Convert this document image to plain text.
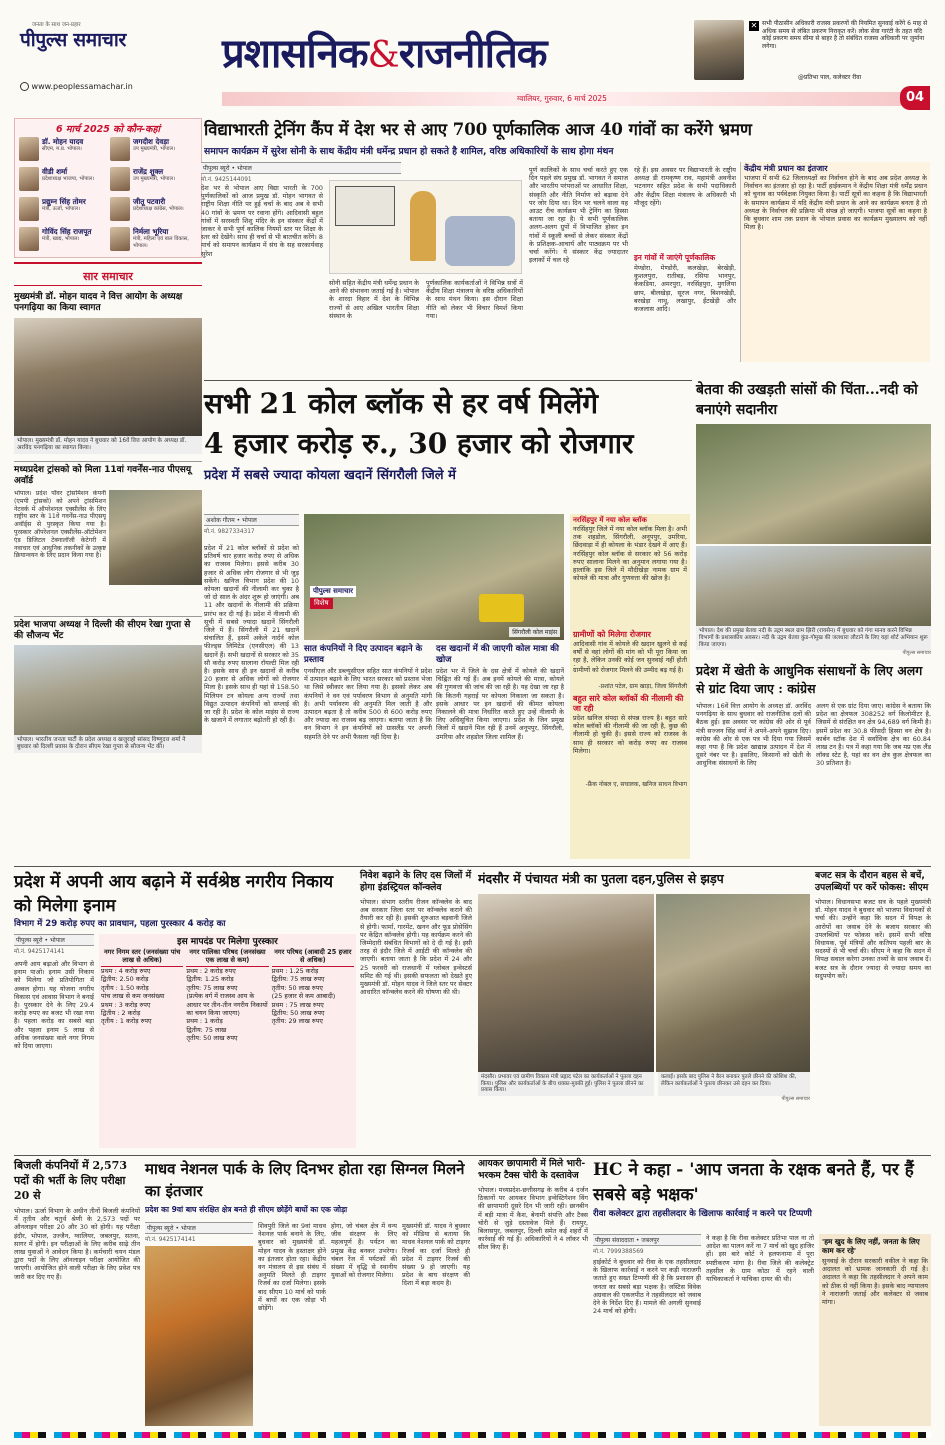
जनता के साथ जन-प्रहार
पीपुल्स समाचार	प्रशासनिक&राजनीतिक
www.peoplessamachar.in
ग्वालियर, गुरुवार, 6 मार्च 2025	04
✕ सभी पीठासीन अधिकारी राजस्व प्रकरणों की नियमित सुनवाई करेंगे 6 माह से अधिक समय से लंबित प्रकरण निराकृत करें। लोक सेवा गारंटी के तहत यदि कोई प्रकरण समय सीमा से बाहर है तो संबंधित राजस्व अधिकारी पर जुर्माना लगेगा।
@प्रतिभा पाल, कलेक्टर रीवा
6 मार्च 2025 को कौन-कहां
डॉ. मोहन यादव
सीएम, म.प्र. भोपाल।
जगदीश देवड़ा
उप मुख्यमंत्री, भोपाल।
वीडी शर्मा
प्रदेशाध्यक्ष भाजपा, भोपाल।
राजेंद्र शुक्ल
उप मुख्यमंत्री, भोपाल।
प्रद्युम्न सिंह तोमर
मंत्री, ऊर्जा, भोपाल।
जीतू पटवारी
प्रदेशाध्यक्ष कांग्रेस, भोपाल।
गोविंद सिंह राजपूत
मंत्री, खाद्य, भोपाल।
निर्मला भूरिया
मंत्री, महिला एवं बाल विकास, भोपाल।
सार समाचार
मुख्यमंत्री डॉ. मोहन यादव ने वित्त आयोग के अध्यक्ष पनगढ़िया का किया स्वागत
भोपाल। मुख्यमंत्री डॉ. मोहन यादव ने बुधवार को 16वें वित्त आयोग के अध्यक्ष डॉ. अरविंद पनगढ़िया का स्वागत किया।
मध्यप्रदेश ट्रांसको को मिला 11वां गवर्नेंस-नाउ पीएसयू अवॉर्ड
भोपाल। प्रदेश पॉवर ट्रांसमिशन कंपनी (एमपी ट्रांसको) को अपने ट्रांसमिशन नेटवर्क में ऑपरेशनल एक्सीलेंस के लिए राष्ट्रीय स्तर के 11वें गवर्नेंस-नाउ पीएसयू अवॉर्ड्स से पुरस्कृत किया गया है। पुरस्कार ऑपरेशनल एक्सीलेंस-ऑटोमेशन एंड डिजिटल टेक्नालॉजी केटेगरी में नवाचार एवं आधुनिक तकनीकों के उत्कृष्ट क्रियान्वयन के लिए प्रदान किया गया है।
प्रदेश भाजपा अध्यक्ष ने दिल्ली की सीएम रेखा गुप्ता से की सौजन्य भेंट
भोपाल। भारतीय जनता पार्टी के प्रदेश अध्यक्ष व खजुराहो सांसद विष्णुदत्त शर्मा ने बुधवार को दिल्ली प्रवास के दौरान सीएम रेखा गुप्ता से सौजन्य भेंट की।
विद्याभारती ट्रेनिंग कैंप में देश भर से आए 700 पूर्णकालिक आज 40 गांवों का करेंगे भ्रमण
समापन कार्यक्रम में सुरेश सोनी के साथ केंद्रीय मंत्री धर्मेन्द्र प्रधान हो सकते है शामिल, वरिष्ठ अधिकारियों के साथ होगा मंथन
पीपुल्स ब्यूरो • भोपाल
मो.नं. 9425144091
देश भर से भोपाल आए विद्या भारती के 700 पूर्णकालिकों को आज प्रमुख डॉ. मोहन भागवत से राष्ट्रीय शिक्षा नीति पर हुई चर्चा के बाद अब वे सभी 40 गांवों के भ्रमण पर रवाना होंगे। आदिवासी बहुल गांवों में सरस्वती शिशु मंदिर के इन संस्कार केंद्रों में जाकर वे सभी पूर्ण कालिक नियमों स्तर पर शिक्षा के स्तर को देखेंगे। साथ ही चर्चा से भी बातचीत करेंगे। 8 मार्च को समापन कार्यक्रम में संघ के सह सरकार्यवाह सुरेश
सोनी सहित केंद्रीय मंत्री धर्मेन्द्र प्रधान के आने की संभावना जताई गई है। भोपाल के शारदा विहार में देश के विभिन्न राज्यों से आए अखिल भारतीय शिक्षा संस्थान के
पूर्णकालिक कार्यकर्ताओं ने विभिन्न सत्रों में केंद्रीय शिक्षा मंत्रालय के वरिष्ठ अधिकारियों के साथ मंथन किया। इस दौरान शिक्षा नीति को लेकर भी विचार विमर्श किया गया।
पूर्ण कालिकों के साथ चर्चा करते हुए एक दिन पहले संघ प्रमुख डॉ. भागवत ने समाज और भारतीय परंपराओं पर आधारित शिक्षा, संस्कृति और नीति निर्माण को बढ़ावा देने पर जोर दिया था। दिन भर चलने वाला यह आउट रीच कार्यक्रम भी ट्रेनिंग का हिस्सा बताया जा रहा है। ये सभी पूर्णकालिक अलग-अलग ग्रुपों में विभाजित होकर इन गांवों में स्कूली बच्चों से लेकर संस्कार केंद्रों के प्रशिक्षक-आचार्य और पाठ्यक्रम पर भी चर्चा करेंगे। ये संस्कार केंद्र ज्यादातर इलाकों में चल रहे
रहे हैं। इस अवसर पर विद्याभारती के राष्ट्रीय अध्यक्ष डी रामकृष्ण राव, महामंत्री अवनीश भटनागर सहित प्रदेश के सभी पदाधिकारी और केंद्रीय शिक्षा मंत्रालय के अधिकारी भी मौजूद रहेंगे।
इन गांवों में जाएंगे पूर्णकालिक
मेण्डोरा, मेण्डोरी, कलखेड़ा, बेरखेड़ी, कुशलपुरा, रातीबड़, रसिया भानपुर, केकडिया, अमरपुरा, नरसिंहपुरा, मुगलिया छाप, बीलखेड़ा, सूरज नगर, बिशनखेड़ी, बरखेड़ा नाथू, लखापुर, ईंटखेड़ी और कजलास आदि।
केंद्रीय मंत्री प्रधान का इंतजार
भाजपा में सभी 62 जिलाध्यक्षों का निर्वाचन होने के बाद अब प्रदेश अध्यक्ष के निर्वाचन का इंतजार हो रहा है। पार्टी हाईकमान ने केंद्रीय शिक्षा मंत्री धर्मेंद्र प्रधान को चुनाव का पर्यवेक्षक नियुक्त किया है। पार्टी सूत्रों का कहना है कि विद्याभारती के समापन कार्यक्रम में यदि केंद्रीय मंत्री प्रधान के आने का कार्यक्रम बनता है तो अध्यक्ष के निर्वाचन की प्रक्रिया भी संपन्न हो जाएगी। भाजपा सूत्रों का कहना है कि बुधवार शाम तक प्रधान के भोपाल प्रवास का कार्यक्रम मुख्यालय को नहीं मिला है।
सभी 21 कोल ब्लॉक से हर वर्ष मिलेंगे
4 हजार करोड़ रु., 30 हजार को रोजगार
प्रदेश में सबसे ज्यादा कोयला खदानें सिंगरौली जिले में
अशोक गौतम • भोपाल
मो.नं. 9827334317
प्रदेश में 21 कोल ब्लॉकों से प्रदेश को प्रतिवर्ष चार हजार करोड़ रुपए से अधिक का राजस्व मिलेगा। इससे करीब 30 हजार से अधिक लोग रोजगार से भी जुड़ सकेंगे। खनिज विभाग प्रदेश की 10 कोयला खदानों की नीलामी कर चुका है जो दो साल के अंदर शुरू हो जाएंगी। अब 11 और खदानों के नीलामी की प्रक्रिया प्रारंभ कर दी गई है। प्रदेश में नीलामी की सूची में सबसे ज्यादा खदानें सिंगरौली जिले में हैं। सिंगरौली में 21 खदानें संचालित हैं, इसमें अकेले नार्दर्न कोल फील्ड्स लिमिटेड (एनसीएल) की 13 खदानें हैं। सभी खदानों से सरकार को 35 सौ करोड़ रुपए सालाना रॉयल्टी मिल रही है। इसके साथ ही इन खदानों से करीब 20 हजार से अधिक लोगों को रोजगार मिला है। इसके साथ ही यहां से 158.50 मिलियन टन कोयला अन्य राज्यों तथा विद्युत उत्पादन कंपनियों को सप्लाई की जा रही है। प्रदेश के कोल माइंस से राज्य के खजाने में लगातार बढ़ोतरी हो रही है।
पीपुल्स समाचार
विशेष
सिंगरौली कोल माइंस
सात कंपनियों ने दिए उत्पादन बढ़ाने के प्रस्ताव
एनसीएल और डब्ल्यूसीएल सहित सात कंपनियों ने प्रदेश में उत्पादन बढ़ाने के लिए भारत सरकार को प्रस्ताव भेजा था जिसे स्वीकार कर लिया गया है। इसको लेकर अब कंपनियों ने वन एवं पर्यावरण विभाग से अनुमति मांगी है। अभी पर्यावरण की अनुमति मिल जाती है और उत्पादन बढ़ता है तो करीब 500 से 600 करोड़ रुपए और ज्यादा का राजस्व बढ़ जाएगा। बताया जाता है कि वन विभाग ने इन कंपनियों को ग्रासलैंड पर अपनी सहमति देने पर अभी फैसला नहीं दिया है।
दस खदानों में की जाएगी कोल मात्रा की खोज
प्रदेश भर में जिले के दस क्षेत्रों में कोयले की खदानें चिह्नित की गई हैं। अब इनमें कोयले की मात्रा, कोयले की गुणवत्ता की जांच की जा रही है। यह देखा जा रहा है कि कितनी गहराई पर कोयला निकाला जा सकता है। इसके आधार पर इन खदानों की कीमत कोयला निकालने की मात्रा निर्धारित करते हुए उन्हें नीलामी के लिए अधिसूचित किया जाएगा। प्रदेश के जिन प्रमुख जिलों में खदानें मिल रही हैं उनमें अनूपपुर, सिंगरौली, उमरिया और शहडोल जिला शामिल हैं।
नरसिंहपुर में नया कोल ब्लॉक
नरसिंहपुर जिले में नया कोल ब्लॉक मिला है। अभी तक शहडोल, सिंगरौली, अनूपपुर, उमरिया, छिंदवाड़ा में ही कोयला के भंडार देखने में आए हैं। नरसिंहपुर कोल ब्लॉक से सरकार को 56 करोड़ रुपए सालाना मिलने का अनुमान लगाया गया है। हालांकि इस जिले में मौदीखेड़ा नामक ग्राम में कोयले की मात्रा और गुणवत्ता की खोज है।
ग्रामीणों को मिलेगा रोजगार
आदिवासी गांव में कोयले की खदान खुलने से कई वर्षों से वहां लोगों की मांग को भी पूरा किया जा रहा है, लेकिन उनकी कोई जन सुनवाई नहीं होती
ग्रामीणों को रोजगार मिलने की उम्मीद बढ़ गई है।
-प्रशांत पटेल, ग्राम खाड़ा, जिला सिंगरौली
बहुत सारे कोल ब्लॉकों की नीलामी की जा रही
प्रदेश खनिज संपदा से संपन्न राज्य है। बहुत सारे कोल ब्लॉकों की नीलामी की जा रही है, कुछ की नीलामी हो चुकी है। इससे राज्य को राजस्व के साथ ही सरकार को करोड़ रुपए का राजस्व मिलेगा।
-फ्रैंक नोबल ए, सचालक, खनिज साधन विभाग
बेतवा की उखड़ती सांसों की चिंता...नदी को बनाएंगे सदानीरा
भोपाल। देश की प्रमुख बेतवा नदी के उद्गम स्थल ग्राम झिरी (रायसेन) में बुधवार को गंगा मानव करने विभिन्न विभागों के प्रशासकीय अवसर। नदी के उद्गम बेतवा कुंड-गोमुख की जलधारा लौटाने के लिए यहां शोर्ट अभियान शुरू किया जाएगा।
पीपुल्स समाचार
प्रदेश में खेती के आधुनिक संसाधनों के लिए अलग से ग्रांट दिया जाए : कांग्रेस
भोपाल। 16वें वित्त आयोग के अध्यक्ष डॉ. अरविंद पनगढ़िया के साथ बुधवार को राजनीतिक दलों की बैठक हुई। इस अवसर पर कांग्रेस की ओर से पूर्व मंत्री सज्जन सिंह वर्मा ने अपने-अपने सुझाव दिए। कांग्रेस की ओर से एक पत्र भी दिया गया जिसमें कहा गया है कि प्रदेश खाद्यान्न उत्पादन में देश में दूसरे नंबर पर है। इसलिए, किसानों को खेती के आधुनिक संसाधनों के लिए
अलग से एक ग्रांट दिया जाए। कांग्रेस ने बताया कि प्रदेश का क्षेत्रफल 308252 वर्ग किलोमीटर है, जिसमें से संरक्षित वन क्षेत्र 94,689 वर्ग किमी है। इसमें प्रदेश का 30.8 फीसदी हिस्सा वन क्षेत्र है। कार्बन स्टॉक देश में सर्वाधिक क्षेत्र का 60.84 लाख टन है। पत्र में कहा गया कि जब मप्र एक लैंड लॉक्ड स्टेट है, यहां का वन क्षेत्र कुल क्षेत्रफल का 30 प्रतिशत है।
प्रदेश में अपनी आय बढ़ाने में सर्वश्रेष्ठ नगरीय निकाय को मिलेगा इनाम
विभाग में 29 करोड़ रुपए का प्रावधान, पहला पुरस्कार 4 करोड़ का
पीपुल्स ब्यूरो • भोपाल
मो.नं. 9425174141
अपनी आय बढ़ाओ और विभाग से इनाम पाओ। इनाम उसी निकाय को मिलेगा जो प्रतियोगिता में अव्वल होगा। यह योजना नगरीय विकास एवं आवास विभाग ने बनाई है। पुरस्कार देने के लिए 29.4 करोड़ रुपए का बजट भी रखा गया है। पहला करोड़ का सबसे बड़ा और पहला इनाम 5 लाख से अधिक जनसंख्या वाले नगर निगम को दिया जाएगा।
इस मापदंड पर मिलेगा पुरस्कार
नगर निगम स्तर (जनसंख्या पांच लाख से अधिक)
नगर पालिका परिषद (जनसंख्या एक लाख से कम)
नगर परिषद (आबादी 25 हजार से अधिक)
प्रथम : 4 करोड़ रुपए
द्वितीय: 2.50 करोड़
तृतीय : 1.50 करोड़
पांच लाख से कम जनसंख्या
प्रथम : 3 करोड़ रुपए
द्वितीय : 2 करोड़
तृतीय : 1 करोड़ रुपए
प्रथम : 2 करोड़ रुपए
द्वितीय: 1.25 करोड़
तृतीय: 75 लाख रुपए
(प्रत्येक वर्ग में राजस्व आय के आधार पर तीन-तीन नगरीय निकायों का चयन किया जाएगा)
प्रथम : 1 करोड़
द्वितीय: 75 लाख
तृतीय: 50 लाख रुपए
प्रथम : 1.25 करोड़
द्वितीय: 75 लाख रुपए
तृतीय: 50 लाख रुपए
(25 हजार से कम आबादी)
प्रथम : 75 लाख रुपए
द्वितीय: 50 लाख रुपए
तृतीय: 29 लाख रुपए
निवेश बढ़ाने के लिए दस जिलों में होगा इंडस्ट्रियल कॉन्क्लेव
भोपाल। संभाग स्तरीय रीजन कॉन्क्लेव के बाद अब सरकार जिला स्तर पर कॉन्क्लेव कराने की तैयारी कर रही है। इसकी शुरुआत बड़वानी जिले से होगी। फार्मा, गारमेंट, खनन और फूड प्रोसेसिंग पर केंद्रित कॉन्क्लेव होगी। यह कार्यक्रम करने की जिम्मेदारी संबंधित विभागों को दे दी गई है। इसी तरह से इंदौर जिले में आईटी की कॉन्क्लेव की जाएगी। बताया जाता है कि प्रदेश में 24 और 25 फरवरी को राजधानी में ग्लोबल इन्वेस्टर्स समिट की गई थी। इसकी सफलता को देखते हुए मुख्यमंत्री डॉ. मोहन यादव ने जिले स्तर पर सेक्टर आधारित कॉन्क्लेव करने की घोषणा की थी।
मंदसौर में पंचायत मंत्री का पुतला दहन,पुलिस से झड़प
मंदसौर। प्रभावर एवं ग्रामीण विकास मंत्री प्रह्लाद पटेल का कार्यकर्ताओं ने पुतला दहन किया। पुलिस और कार्यकर्ताओं के बीच धक्का-मुक्की हुई। पुलिस ने पुतला छीनने का प्रयास किया।
कलाई। इसके बाद पुलिस ने बैरन बनाकर पुतले छीनने की कोशिश की, लेकिन कार्यकर्ताओं ने पुतला छीनकर उसे दहन कर दिया।
पीपुल्स समाचार
बजट सत्र के दौरान बहस से बचें, उपलब्धियों पर करें फोकस: सीएम
भोपाल। विधानसभा बजट सत्र के पहले मुख्यमंत्री डॉ. मोहन यादव ने बुधवार को भाजपा विधायकों से चर्चा की। उन्होंने कहा कि सदन में विपक्ष के आरोपों का जवाब देने के बजाय सरकार की उपलब्धियों पर फोकस करें। इसमें सभी वरिष्ठ विधायक, पूर्व मंत्रियों और कतिपय पहली बार के सदस्यों से भी चर्चा की। सीएम ने कहा कि सदन में विपक्ष सवाल करेगा उनका तथ्यों के साथ जवाब दें। बजट सत्र के दौरान ज्यादा से ज्यादा समय का सदुपयोग करें।
बिजली कंपनियों में 2,573 पदों की भर्ती के लिए परीक्षा 20 से
भोपाल। ऊर्जा विभाग के अधीन तीनों बिजली कंपनियों में तृतीय और चतुर्थ श्रेणी के 2,573 पदों पर ऑनलाइन परीक्षा 20 और 30 को होगी। यह परीक्षा इंदौर, भोपाल, उज्जैन, ग्वालियर, जबलपुर, सतना, सागर में होगी। इन परीक्षाओं के लिए करीब साढ़े तीन लाख युवाओं ने आवेदन किया है। कर्मचारी चयन मंडल द्वारा पदों के लिए ऑनलाइन परीक्षा आयोजित की जाएगी। आयोजित होने वाली परीक्षा के लिए प्रवेश पत्र जारी कर दिए गए हैं।
माधव नेशनल पार्क के लिए दिनभर होता रहा सिग्नल मिलने का इंतजार
प्रदेश का 9वां बाघ संरक्षित क्षेत्र बनते ही सीएम छोड़ेंगे बाघों का एक जोड़ा
पीपुल्स ब्यूरो • भोपाल
मो.नं. 9425174141
शिवपुरी जिले का 9वां माधव नेशनल पार्क बनाने के लिए, बुधवार को मुख्यमंत्री डॉ. मोहन यादव के हस्ताक्षर होने का इंतजार होता रहा। केंद्रीय वन मंत्रालय से इस संबंध में अनुमति मिलते ही टाइगर रिजर्व का दर्जा मिलेगा। इसके बाद सीएम 10 मार्च को पार्क में बाघों का एक जोड़ा भी छोड़ेंगे।
होगा, जो चंबल क्षेत्र में वन्य जीव संरक्षण के लिए महत्वपूर्ण है। पर्यटन का प्रमुख केंद्र बनकर उभरेगा। चंबल रेंज में पर्यटकों की संख्या में वृद्धि से स्थानीय युवाओं को रोजगार मिलेगा।
मुख्यमंत्री डॉ. यादव ने बुधवार को मीडिया से बताया कि माधव नेशनल पार्क को टाइगर रिजर्व का दर्जा मिलते ही प्रदेश में टाइगर रिजर्व की संख्या 9 हो जाएगी। यह प्रदेश के बाघ संरक्षण की दिशा में बड़ा कदम है।
आयकर छापामारी में मिले भारी-भरकम टैक्स चोरी के दस्तावेज
भोपाल। मध्यप्रदेश-छत्तीसगढ़ के करीब 4 दर्जन ठिकानों पर आयकर विभाग इन्वेस्टिगेशन विंग की छापामारी दूसरे दिन भी जारी रही। छानबीन में बड़ी मात्रा में कैश, बेनामी संपत्ति और टैक्स चोरी से जुड़े दस्तावेज मिले हैं। रायपुर, बिलासपुर, जबलपुर, दिल्ली समेत कई शहरों में कार्रवाई की गई है। अधिकारियों ने 4 लॉकर भी सील किए हैं।
HC ने कहा - 'आप जनता के रक्षक बनते हैं, पर हैं सबसे बड़े भक्षक'
रीवा कलेक्टर द्वारा तहसीलदार के खिलाफ कार्रवाई न करने पर टिप्पणी
पीपुल्स संवाददाता • जबलपुर
मो.नं. 7999388569
हाईकोर्ट ने बुधवार को रीवा के एक तहसीलदार के खिलाफ कार्रवाई न करने पर कड़ी नाराजगी जताते हुए सख्त टिप्पणी की है कि प्रशासन ही जनता का सबसे बड़ा भक्षक है। जस्टिस विवेक अग्रवाल की एकलपीठ ने तहसीलदार को जवाब देने के निर्देश दिए हैं। मामले की अगली सुनवाई 24 मार्च को होगी।
ने कहा है कि रीवा कलेक्टर प्रतिभा पाल ना तो आदेश का पालन करें ना 7 मार्च को खुद हाजिर हों। इस बारे कोर्ट ने हलफनामा में पूरा स्पष्टीकरण मांगा है। रीवा जिले की कलेक्ट्रेट तहसील के ग्राम कोठा में रहने वाली याचिकाकर्ता ने याचिका दायर की थी।
'हम खुद के लिए नहीं, जनता के लिए काम कर रहे'
सुनवाई के दौरान सरकारी वकील ने कहा कि अदालत को भ्रामक जानकारी दी गई है। अदालत ने कहा कि तहसीलदार ने अपने काम को ठीक से नहीं किया है। इसके बाद न्यायालय ने नाराजगी जताई और कलेक्टर से जवाब मांगा।
